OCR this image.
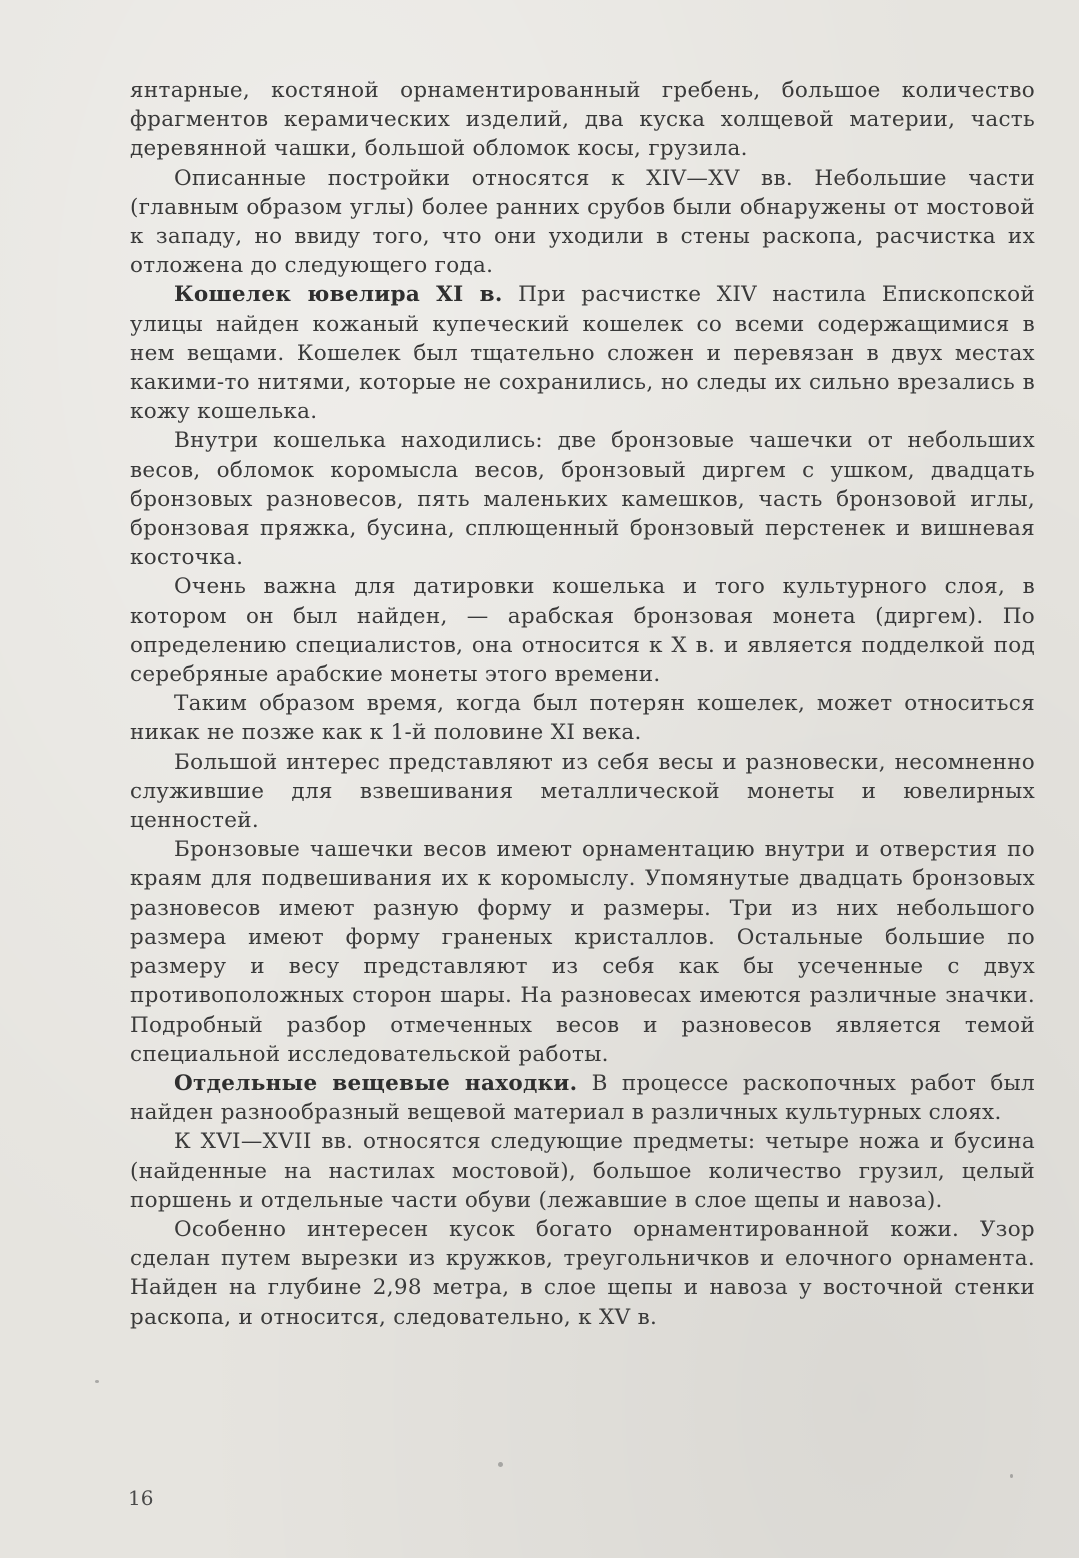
янтарные, костяной орнаментированный гребень, большое количество фрагментов керамических изделий, два куска холщевой материи, часть деревянной чашки, большой обломок косы, грузила.

Описанные постройки относятся к XIV—XV вв. Небольшие части (главным образом углы) более ранних срубов были обнаружены от мостовой к западу, но ввиду того, что они уходили в стены раскопа, расчистка их отложена до следующего года.

Кошелек ювелира XI в. При расчистке XIV настила Епископской улицы найден кожаный купеческий кошелек со всеми содержащимися в нем вещами. Кошелек был тщательно сложен и перевязан в двух местах какими-то нитями, которые не сохранились, но следы их сильно врезались в кожу кошелька.

Внутри кошелька находились: две бронзовые чашечки от небольших весов, обломок коромысла весов, бронзовый диргем с ушком, двадцать бронзовых разновесов, пять маленьких камешков, часть бронзовой иглы, бронзовая пряжка, бусина, сплющенный бронзовый перстенек и вишневая косточка.

Очень важна для датировки кошелька и того культурного слоя, в котором он был найден, — арабская бронзовая монета (диргем). По определению специалистов, она относится к X в. и является подделкой под серебряные арабские монеты этого времени.

Таким образом время, когда был потерян кошелек, может относиться никак не позже как к 1-й половине XI века.

Большой интерес представляют из себя весы и разновески, несомненно служившие для взвешивания металлической монеты и ювелирных ценностей.

Бронзовые чашечки весов имеют орнаментацию внутри и отверстия по краям для подвешивания их к коромыслу. Упомянутые двадцать бронзовых разновесов имеют разную форму и размеры. Три из них небольшого размера имеют форму граненых кристаллов. Остальные большие по размеру и весу представляют из себя как бы усеченные с двух противоположных сторон шары. На разновесах имеются различные значки. Подробный разбор отмеченных весов и разновесов является темой специальной исследовательской работы.

Отдельные вещевые находки. В процессе раскопочных работ был найден разнообразный вещевой материал в различных культурных слоях.

К XVI—XVII вв. относятся следующие предметы: четыре ножа и бусина (найденные на настилах мостовой), большое количество грузил, целый поршень и отдельные части обуви (лежавшие в слое щепы и навоза).

Особенно интересен кусок богато орнаментированной кожи. Узор сделан путем вырезки из кружков, треугольничков и елочного орнамента. Найден на глубине 2,98 метра, в слое щепы и навоза у восточной стенки раскопа, и относится, следовательно, к XV в.

16
